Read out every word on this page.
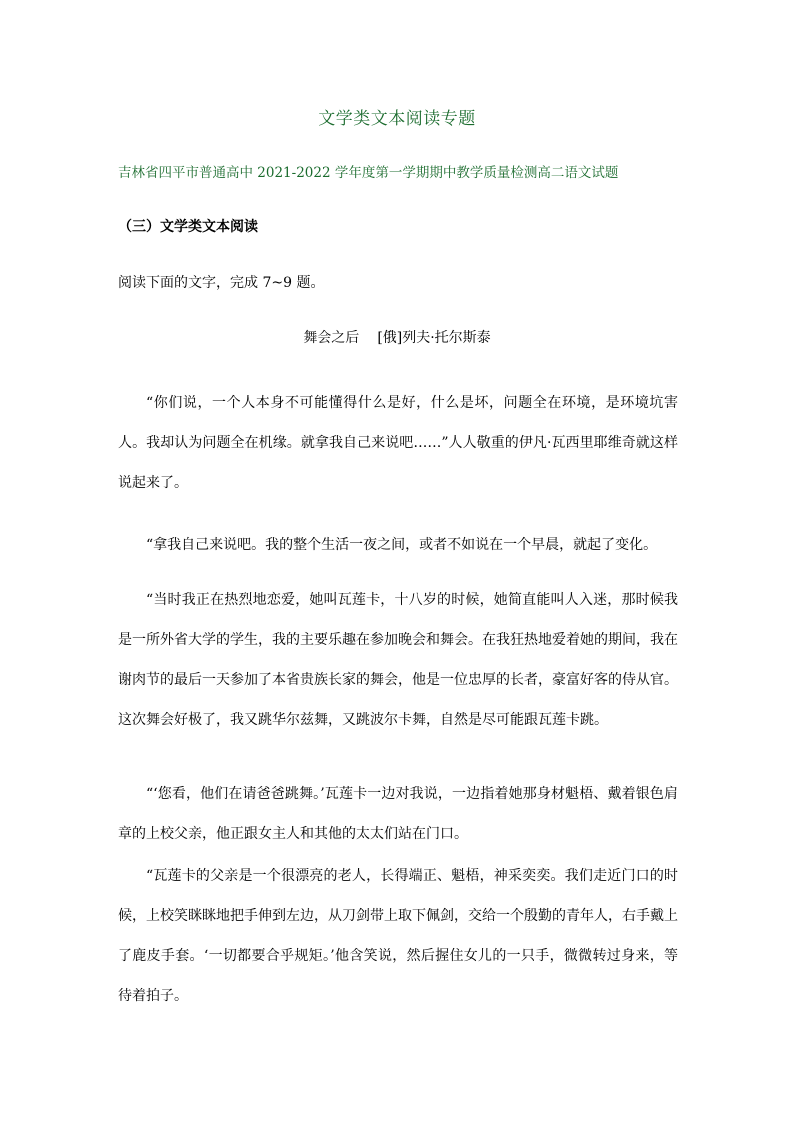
文学类文本阅读专题
吉林省四平市普通高中 2021-2022 学年度第一学期期中教学质量检测高二语文试题
（三）文学类文本阅读
阅读下面的文字，完成 7~9 题。
舞会之后 [俄]列夫·托尔斯泰

“你们说，一个人本身不可能懂得什么是好，什么是坏，问题全在环境，是环境坑害人。我却认为问题全在机缘。就拿我自己来说吧……”人人敬重的伊凡·瓦西里耶维奇就这样说起来了。

“拿我自己来说吧。我的整个生活一夜之间，或者不如说在一个早晨，就起了变化。

“当时我正在热烈地恋爱，她叫瓦莲卡，十八岁的时候，她简直能叫人入迷，那时候我是一所外省大学的学生，我的主要乐趣在参加晚会和舞会。在我狂热地爱着她的期间，我在谢肉节的最后一天参加了本省贵族长家的舞会，他是一位忠厚的长者，豪富好客的侍从官。这次舞会好极了，我又跳华尔兹舞，又跳波尔卡舞，自然是尽可能跟瓦莲卡跳。

“‘您看，他们在请爸爸跳舞。’瓦莲卡一边对我说，一边指着她那身材魁梧、戴着银色肩章的上校父亲，他正跟女主人和其他的太太们站在门口。

“瓦莲卡的父亲是一个很漂亮的老人，长得端正、魁梧，神采奕奕。我们走近门口的时候，上校笑眯眯地把手伸到左边，从刀剑带上取下佩剑，交给一个殷勤的青年人，右手戴上了鹿皮手套。‘一切都要合乎规矩。’他含笑说，然后握住女儿的一只手，微微转过身来，等待着拍子。
